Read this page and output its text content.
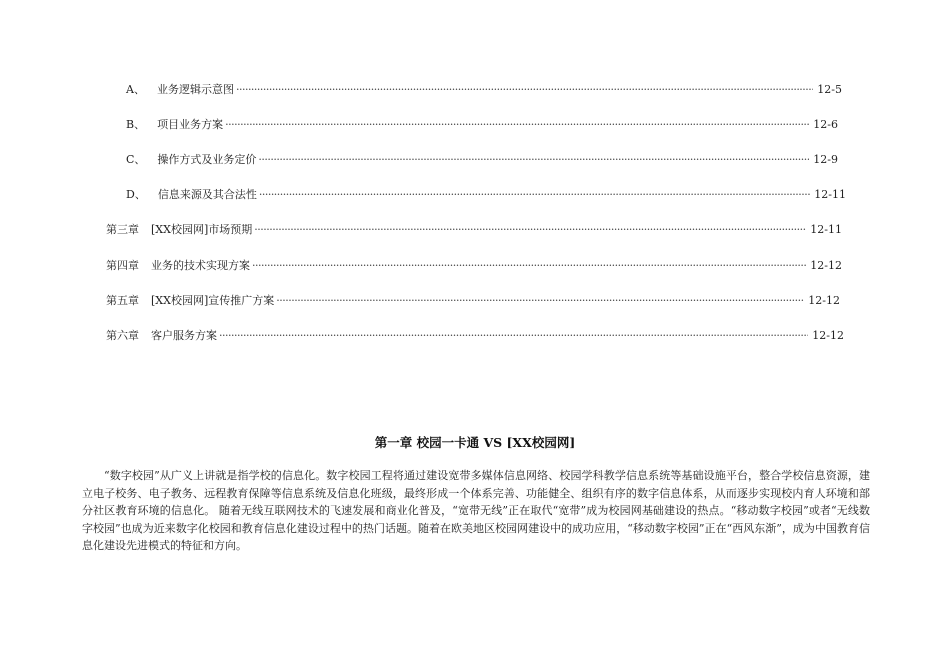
A、 业务逻辑示意图 ·····	12-5
B、 项目业务方案 ·····	12-6
C、 操作方式及业务定价 ·····	12-9
D、 信息来源及其合法性 ·····	12-11
第三章 [XX校园网]市场预期 ·····	12-11
第四章 业务的技术实现方案 ·····	12-12
第五章 [XX校园网]宣传推广方案 ·····	12-12
第六章 客户服务方案 ·····	12-12
第一章 校园一卡通 VS [XX校园网]
“数字校园”从广义上讲就是指学校的信息化。数字校园工程将通过建设宽带多媒体信息网络、校园学科教学信息系统等基础设施平台，整合学校信息资源，建立电子校务、电子教务、远程教育保障等信息系统及信息化班级，最终形成一个体系完善、功能健全、组织有序的数字信息体系，从而逐步实现校内育人环境和部分社区教育环境的信息化。 随着无线互联网技术的飞速发展和商业化普及，“宽带无线”正在取代“宽带”成为校园网基础建设的热点。“移动数字校园”或者“无线数字校园”也成为近来数字化校园和教育信息化建设过程中的热门话题。随着在欧美地区校园网建设中的成功应用，“移动数字校园”正在“西风东渐”，成为中国教育信息化建设先进模式的特征和方向。
